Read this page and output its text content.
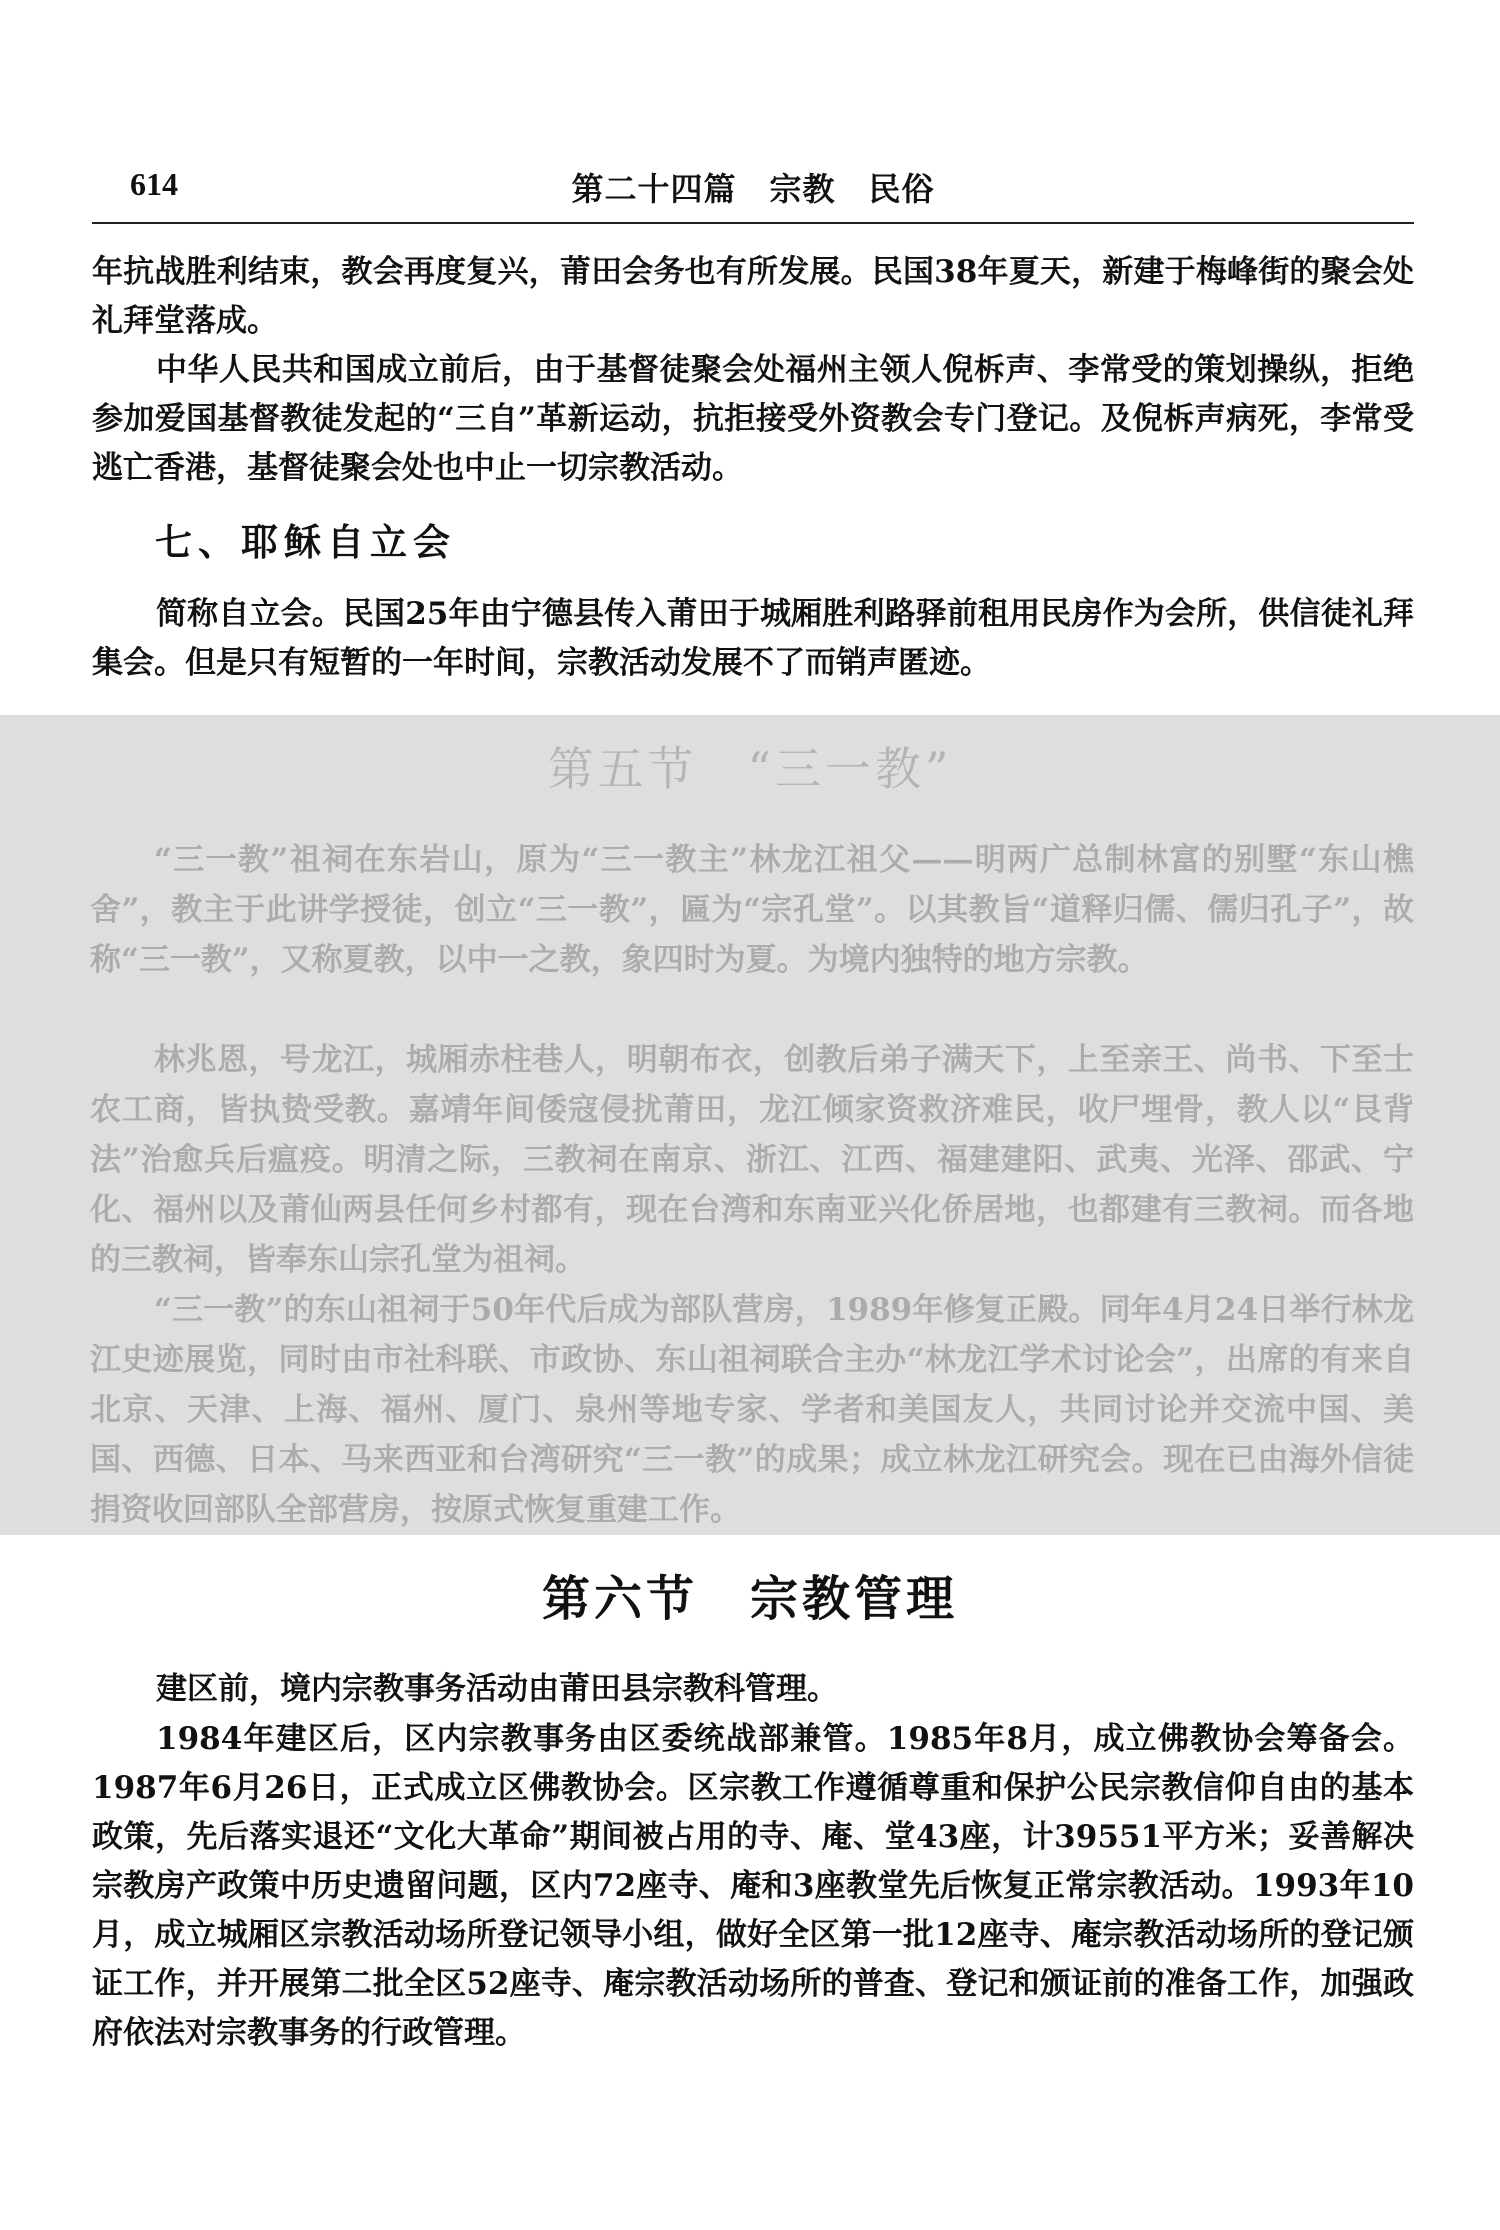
614	第二十四篇　宗教　民俗

年抗战胜利结束，教会再度复兴，莆田会务也有所发展。民国38年夏天，新建于梅峰街的聚会处礼拜堂落成。

中华人民共和国成立前后，由于基督徒聚会处福州主领人倪柝声、李常受的策划操纵，拒绝参加爱国基督教徒发起的“三自”革新运动，抗拒接受外资教会专门登记。及倪柝声病死，李常受逃亡香港，基督徒聚会处也中止一切宗教活动。

七、耶稣自立会

简称自立会。民国25年由宁德县传入莆田于城厢胜利路驿前租用民房作为会所，供信徒礼拜集会。但是只有短暂的一年时间，宗教活动发展不了而销声匿迹。

第五节　“三一教”

“三一教”祖祠在东岩山，原为“三一教主”林龙江祖父——明两广总制林富的别墅“东山樵舍”，教主于此讲学授徒，创立“三一教”，匾为“宗孔堂”。以其教旨“道释归儒、儒归孔子”，故称“三一教”，又称夏教，以中一之教，象四时为夏。为境内独特的地方宗教。

林兆恩，号龙江，城厢赤柱巷人，明朝布衣，创教后弟子满天下，上至亲王、尚书、下至士农工商，皆执贽受教。嘉靖年间倭寇侵扰莆田，龙江倾家资救济难民，收尸埋骨，教人以“艮背法”治愈兵后瘟疫。明清之际，三教祠在南京、浙江、江西、福建建阳、武夷、光泽、邵武、宁化、福州以及莆仙两县任何乡村都有，现在台湾和东南亚兴化侨居地，也都建有三教祠。而各地的三教祠，皆奉东山宗孔堂为祖祠。

“三一教”的东山祖祠于50年代后成为部队营房，1989年修复正殿。同年4月24日举行林龙江史迹展览，同时由市社科联、市政协、东山祖祠联合主办“林龙江学术讨论会”，出席的有来自北京、天津、上海、福州、厦门、泉州等地专家、学者和美国友人，共同讨论并交流中国、美国、西德、日本、马来西亚和台湾研究“三一教”的成果；成立林龙江研究会。现在已由海外信徒捐资收回部队全部营房，按原式恢复重建工作。

第六节　宗教管理

建区前，境内宗教事务活动由莆田县宗教科管理。

1984年建区后，区内宗教事务由区委统战部兼管。1985年8月，成立佛教协会筹备会。1987年6月26日，正式成立区佛教协会。区宗教工作遵循尊重和保护公民宗教信仰自由的基本政策，先后落实退还“文化大革命”期间被占用的寺、庵、堂43座，计39551平方米；妥善解决宗教房产政策中历史遗留问题，区内72座寺、庵和3座教堂先后恢复正常宗教活动。1993年10月，成立城厢区宗教活动场所登记领导小组，做好全区第一批12座寺、庵宗教活动场所的登记颁证工作，并开展第二批全区52座寺、庵宗教活动场所的普查、登记和颁证前的准备工作，加强政府依法对宗教事务的行政管理。
